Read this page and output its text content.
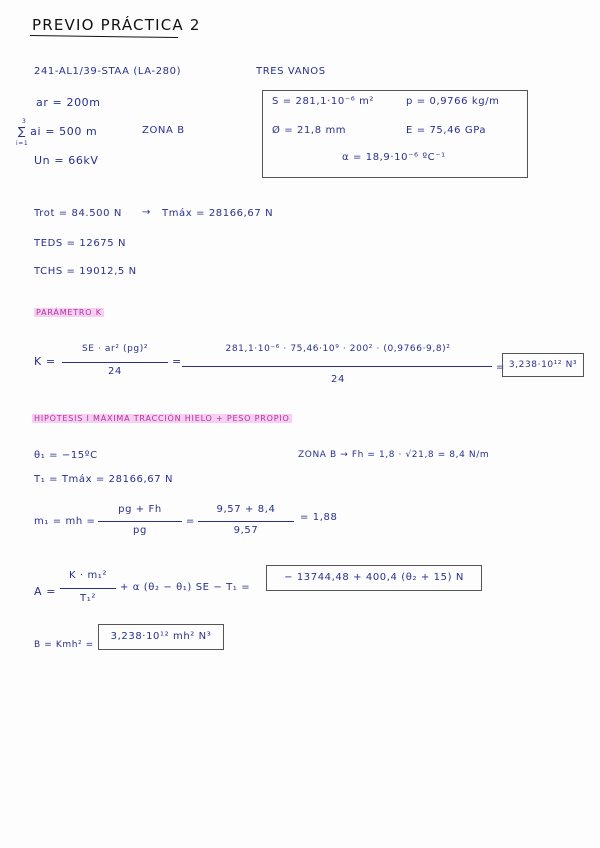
PREVIO PRÁCTICA 2
241-AL1/39-STAA (LA-280)	TRES VANOS
ar = 200m
3
∑ ai = 500 m
i=1
ZONA B
Un = 66kV
S = 281,1·10⁻⁶ m²	p = 0,9766 kg/m
Ø = 21,8 mm	E = 75,46 GPa
α = 18,9·10⁻⁶ ºC⁻¹
Trot = 84.500 N → Tmáx = 28166,67 N
TEDS = 12675 N
TCHS = 19012,5 N
PARÁMETRO K
K =
SE · ar² (pg)²
24
=
281,1·10⁻⁶ · 75,46·10⁹ · 200² · (0,9766·9,8)²
24
= 3,238·10¹² N³
HIPÓTESIS I MÁXIMA TRACCIÓN HIELO + PESO PROPIO
θ₁ = −15ºC	ZONA B → Fh = 1,8 · √21,8 = 8,4 N/m
T₁ = Tmáx = 28166,67 N
m₁ = mh =
pg + Fh
pg
=
9,57 + 8,4
9,57
= 1,88
A =
K · m₁²
T₁²
+ α (θ₂ − θ₁) SE − T₁ =
− 13744,48 + 400,4 (θ₂ + 15) N
B = Kmh² =
3,238·10¹² mh² N³
